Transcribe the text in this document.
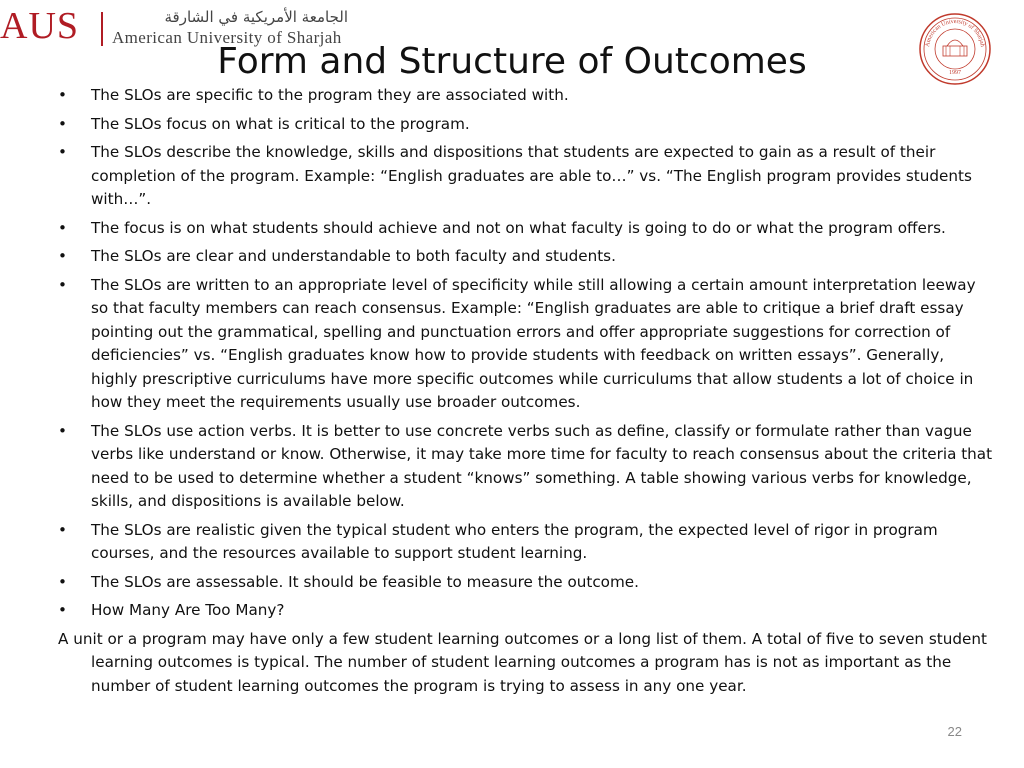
AUS	الجامعة الأمريكية في الشارقة
American University of Sharjah	American University of Sharjah
1997
Form and Structure of Outcomes
• The SLOs are specific to the program they are associated with.
• The SLOs focus on what is critical to the program.
• The SLOs describe the knowledge, skills and dispositions that students are expected to gain as a result of their completion of the program. Example: “English graduates are able to…” vs. “The English program provides students with…”.
• The focus is on what students should achieve and not on what faculty is going to do or what the program offers.
• The SLOs are clear and understandable to both faculty and students.
• The SLOs are written to an appropriate level of specificity while still allowing a certain amount interpretation leeway so that faculty members can reach consensus. Example: “English graduates are able to critique a brief draft essay pointing out the grammatical, spelling and punctuation errors and offer appropriate suggestions for correction of deficiencies” vs. “English graduates know how to provide students with feedback on written essays”. Generally, highly prescriptive curriculums have more specific outcomes while curriculums that allow students a lot of choice in how they meet the requirements usually use broader outcomes.
• The SLOs use action verbs. It is better to use concrete verbs such as define, classify or formulate rather than vague verbs like understand or know. Otherwise, it may take more time for faculty to reach consensus about the criteria that need to be used to determine whether a student “knows” something. A table showing various verbs for knowledge, skills, and dispositions is available below.
• The SLOs are realistic given the typical student who enters the program, the expected level of rigor in program courses, and the resources available to support student learning.
• The SLOs are assessable. It should be feasible to measure the outcome.
• How Many Are Too Many?

A unit or a program may have only a few student learning outcomes or a long list of them. A total of five to seven student learning outcomes is typical. The number of student learning outcomes a program has is not as important as the number of student learning outcomes the program is trying to assess in any one year.

22
